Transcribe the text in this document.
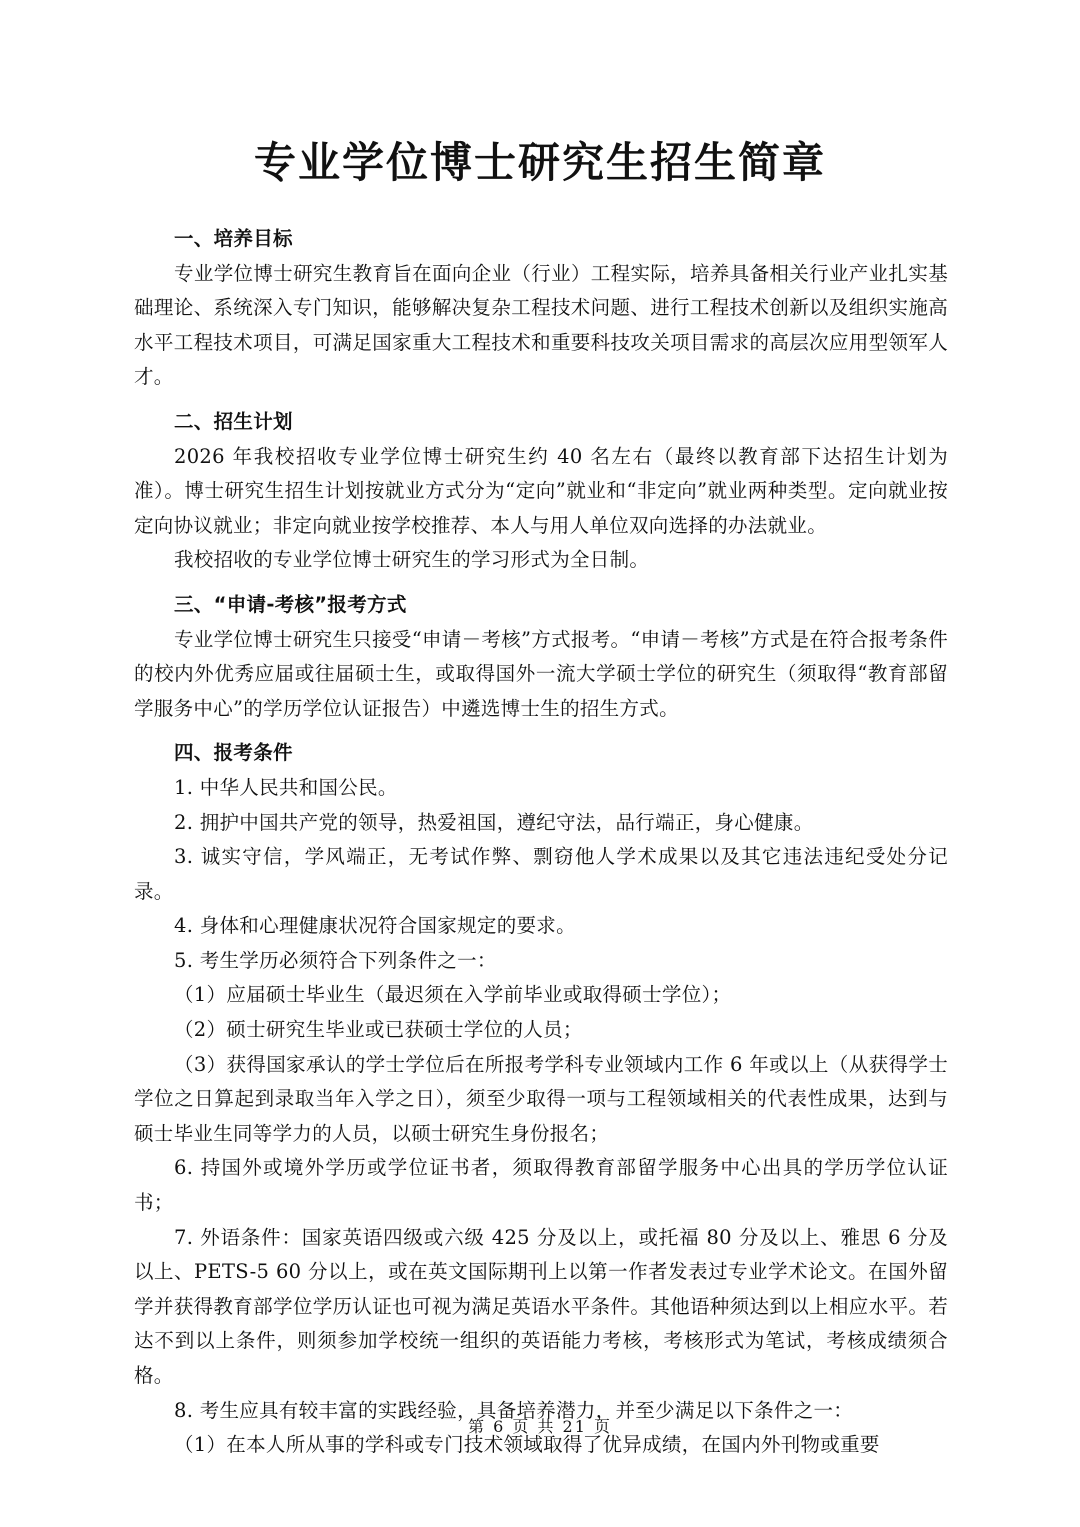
专业学位博士研究生招生简章
一、培养目标

专业学位博士研究生教育旨在面向企业（行业）工程实际，培养具备相关行业产业扎实基础理论、系统深入专门知识，能够解决复杂工程技术问题、进行工程技术创新以及组织实施高水平工程技术项目，可满足国家重大工程技术和重要科技攻关项目需求的高层次应用型领军人才。

二、招生计划

2026 年我校招收专业学位博士研究生约 40 名左右（最终以教育部下达招生计划为准）。博士研究生招生计划按就业方式分为“定向”就业和“非定向”就业两种类型。定向就业按定向协议就业；非定向就业按学校推荐、本人与用人单位双向选择的办法就业。

我校招收的专业学位博士研究生的学习形式为全日制。

三、“申请-考核”报考方式

专业学位博士研究生只接受“申请－考核”方式报考。“申请－考核”方式是在符合报考条件的校内外优秀应届或往届硕士生，或取得国外一流大学硕士学位的研究生（须取得“教育部留学服务中心”的学历学位认证报告）中遴选博士生的招生方式。

四、报考条件

1. 中华人民共和国公民。

2. 拥护中国共产党的领导，热爱祖国，遵纪守法，品行端正，身心健康。

3. 诚实守信，学风端正，无考试作弊、剽窃他人学术成果以及其它违法违纪受处分记录。

4. 身体和心理健康状况符合国家规定的要求。

5. 考生学历必须符合下列条件之一：

（1）应届硕士毕业生（最迟须在入学前毕业或取得硕士学位）；

（2）硕士研究生毕业或已获硕士学位的人员；

（3）获得国家承认的学士学位后在所报考学科专业领域内工作 6 年或以上（从获得学士学位之日算起到录取当年入学之日），须至少取得一项与工程领域相关的代表性成果，达到与硕士毕业生同等学力的人员，以硕士研究生身份报名；

6. 持国外或境外学历或学位证书者，须取得教育部留学服务中心出具的学历学位认证书；

7. 外语条件：国家英语四级或六级 425 分及以上，或托福 80 分及以上、雅思 6 分及以上、PETS-5 60 分以上，或在英文国际期刊上以第一作者发表过专业学术论文。在国外留学并获得教育部学位学历认证也可视为满足英语水平条件。其他语种须达到以上相应水平。若达不到以上条件，则须参加学校统一组织的英语能力考核，考核形式为笔试，考核成绩须合格。

8. 考生应具有较丰富的实践经验，具备培养潜力，并至少满足以下条件之一：

（1）在本人所从事的学科或专门技术领域取得了优异成绩，在国内外刊物或重要

第 6 页 共 21 页
